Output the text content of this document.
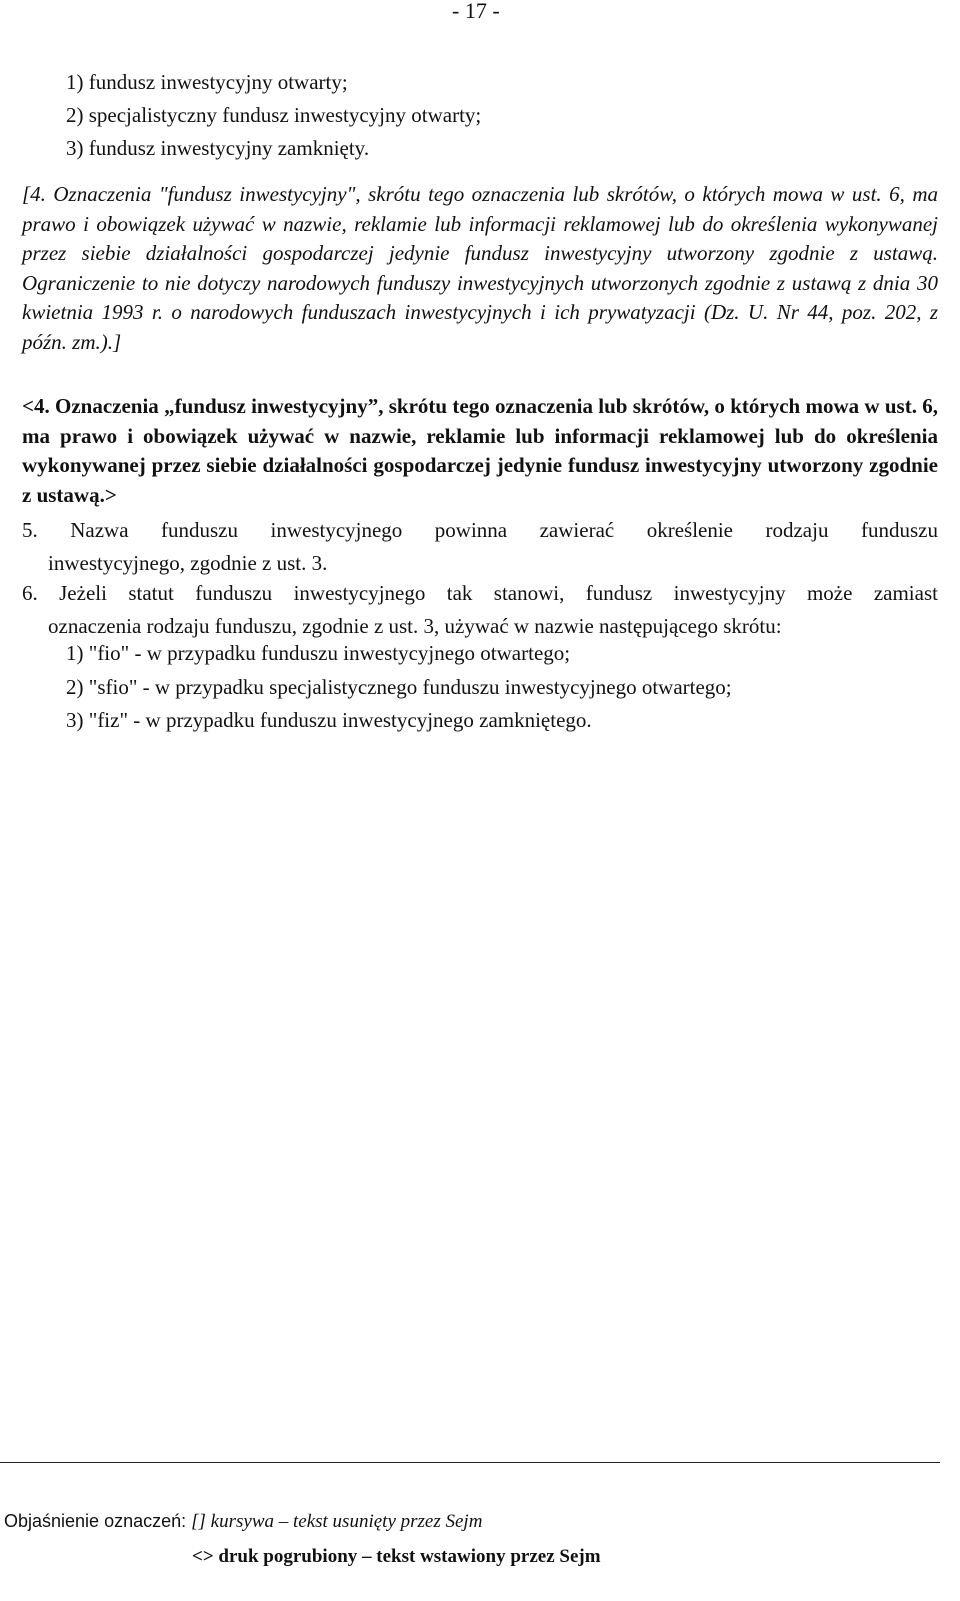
- 17 -
1) fundusz inwestycyjny otwarty;
2) specjalistyczny fundusz inwestycyjny otwarty;
3) fundusz inwestycyjny zamknięty.
[4. Oznaczenia "fundusz inwestycyjny", skrótu tego oznaczenia lub skrótów, o których mowa w ust. 6, ma prawo i obowiązek używać w nazwie, reklamie lub informacji reklamowej lub do określenia wykonywanej przez siebie działalności gospodarczej jedynie fundusz inwestycyjny utworzony zgodnie z ustawą. Ograniczenie to nie dotyczy narodowych funduszy inwestycyjnych utworzonych zgodnie z ustawą z dnia 30 kwietnia 1993 r. o narodowych funduszach inwestycyjnych i ich prywatyzacji (Dz. U. Nr 44, poz. 202, z późn. zm.).]
<4. Oznaczenia „fundusz inwestycyjny”, skrótu tego oznaczenia lub skrótów, o których mowa w ust. 6, ma prawo i obowiązek używać w nazwie, reklamie lub informacji reklamowej lub do określenia wykonywanej przez siebie działalności gospodarczej jedynie fundusz inwestycyjny utworzony zgodnie z ustawą.>
5. Nazwa funduszu inwestycyjnego powinna zawierać określenie rodzaju funduszu
inwestycyjnego, zgodnie z ust. 3.
6. Jeżeli statut funduszu inwestycyjnego tak stanowi, fundusz inwestycyjny może zamiast
oznaczenia rodzaju funduszu, zgodnie z ust. 3, używać w nazwie następującego skrótu:
1) "fio" - w przypadku funduszu inwestycyjnego otwartego;
2) "sfio" - w przypadku specjalistycznego funduszu inwestycyjnego otwartego;
3) "fiz" - w przypadku funduszu inwestycyjnego zamkniętego.
Objaśnienie oznaczeń: [] kursywa – tekst usunięty przez Sejm
<> druk pogrubiony – tekst wstawiony przez Sejm
